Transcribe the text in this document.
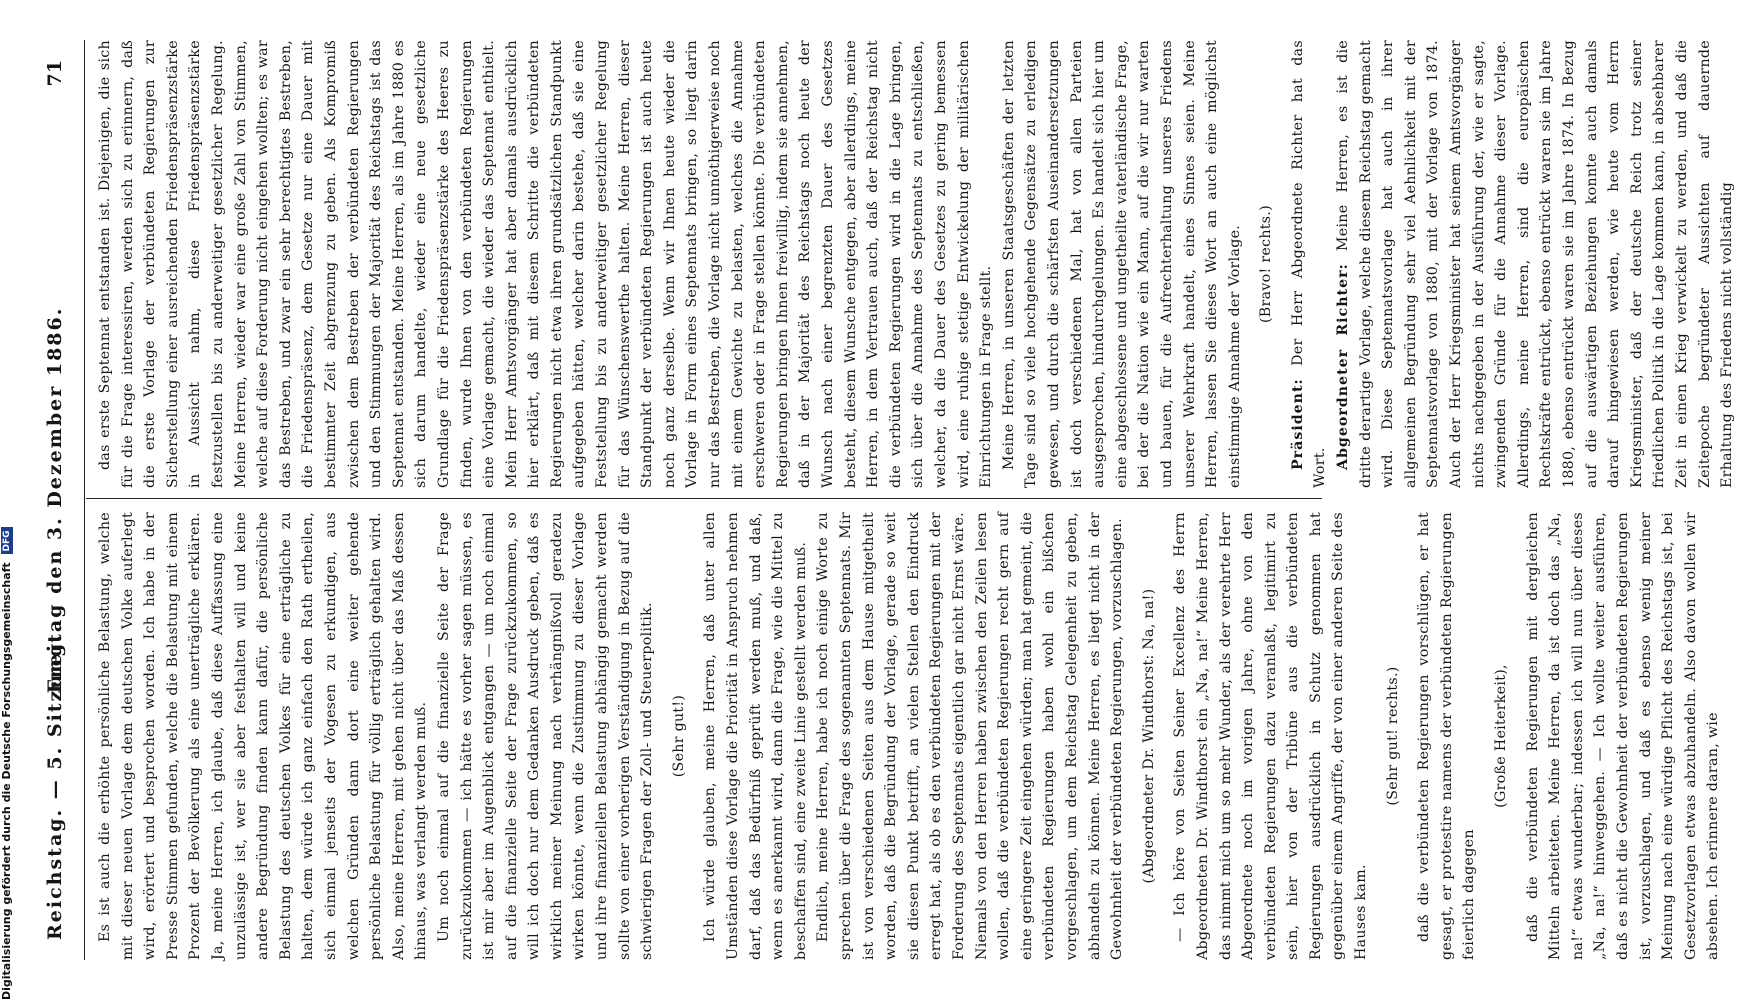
Reichstag. — 5. Sitzung.
Freitag den 3. Dezember 1886.
71

Es ist auch die erhöhte persönliche Belastung, welche mit dieser neuen Vorlage dem deutschen Volke auferlegt wird, erörtert und besprochen worden. Ich habe in der Presse Stimmen gefunden, welche die Belastung mit einem Prozent der Bevölkerung als eine unerträgliche erklären. Ja, meine Herren, ich glaube, daß diese Auffassung eine unzulässige ist, wer sie aber festhalten will und keine andere Begründung finden kann dafür, die persönliche Belastung des deutschen Volkes für eine erträgliche zu halten, dem würde ich ganz einfach den Rath ertheilen, sich einmal jenseits der Vogesen zu erkundigen, aus welchen Gründen dann dort eine weiter gehende persönliche Belastung für völlig erträglich gehalten wird. Also, meine Herren, mit gehen nicht über das Maß dessen hinaus, was verlangt werden muß. Um noch einmal auf die finanzielle Seite der Frage zurückzukommen — ich hätte es vorher sagen müssen, es ist mir aber im Augenblick entgangen — um noch einmal auf die finanzielle Seite der Frage zurückzukommen, so will ich doch nur dem Gedanken Ausdruck geben, daß es wirklich meiner Meinung nach verhängnißvoll geradezu wirken könnte, wenn die Zustimmung zu dieser Vorlage und ihre finanziellen Belastung abhängig gemacht werden sollte von einer vorherigen Verständigung in Bezug auf die schwierigen Fragen der Zoll- und Steuerpolitik. (Sehr gut!) Ich würde glauben, meine Herren, daß unter allen Umständen diese Vorlage die Priorität in Anspruch nehmen darf, daß das Bedürfniß geprüft werden muß, und daß, wenn es anerkannt wird, dann die Frage, wie die Mittel zu beschaffen sind, eine zweite Linie gestellt werden muß. Endlich, meine Herren, habe ich noch einige Worte zu sprechen über die Frage des sogenannten Septennats. Mir ist von verschiedenen Seiten aus dem Hause mitgetheilt worden, daß die Begründung der Vorlage, gerade so weit sie diesen Punkt betrifft, an vielen Stellen den Eindruck erregt hat, als ob es den verbündeten Regierungen mit der Forderung des Septennats eigentlich gar nicht Ernst wäre. Niemals von den Herren haben zwischen den Zeilen lesen wollen, daß die verbündeten Regierungen recht gern auf eine geringere Zeit eingehen würden; man hat gemeint, die verbündeten Regierungen haben wohl ein bißchen vorgeschlagen, um dem Reichstag Gelegenheit zu geben, abhandeln zu können. Meine Herren, es liegt nicht in der Gewohnheit der verbündeten Regierungen, vorzuschlagen. (Abgeordneter Dr. Windthorst: Na, na!) — Ich höre von Seiten Seiner Excellenz des Herrn Abgeordneten Dr. Windthorst ein „Na, na!“ Meine Herren, das nimmt mich um so mehr Wunder, als der verehrte Herr Abgeordnete noch im vorigen Jahre, ohne von den verbündeten Regierungen dazu veranlaßt, legitimirt zu sein, hier von der Tribüne aus die verbündeten Regierungen ausdrücklich in Schutz genommen hat gegenüber einem Angriffe, der von einer anderen Seite des Hauses kam.

(Sehr gut! rechts.) daß die verbündeten Regierungen vorschlügen, er hat gesagt, er protestire namens der verbündeten Regierungen feierlich dagegen

(Große Heiterkeit), daß die verbündeten Regierungen mit dergleichen Mitteln arbeiteten. Meine Herren, da ist doch das „Na, na!“ etwas wunderbar; indessen ich will nun über dieses „Na, na!“ hinweggehen. — Ich wollte weiter ausführen, daß es nicht die Gewohnheit der verbündeten Regierungen ist, vorzuschlagen, und daß es ebenso wenig meiner Meinung nach eine würdige Pflicht des Reichstags ist, bei Gesetzvorlagen etwas abzuhandeln. Also davon wollen wir absehen. Ich erinnere daran, wie

das erste Septennat entstanden ist. Diejenigen, die sich für die Frage interessiren, werden sich zu erinnern, daß die erste Vorlage der verbündeten Regierungen zur Sicherstellung einer ausreichenden Friedenspräsenzstärke in Aussicht nahm, diese Friedenspräsenzstärke festzustellen bis zu anderweitiger gesetzlicher Regelung. Meine Herren, wieder war eine große Zahl von Stimmen, welche auf diese Forderung nicht eingehen wollten; es war das Bestreben, und zwar ein sehr berechtigtes Bestreben, die Friedenspräsenz, dem Gesetze nur eine Dauer mit bestimmter Zeit abgrenzung zu geben. Als Kompromiß zwischen dem Bestreben der verbündeten Regierungen und den Stimmungen der Majorität des Reichstags ist das Septennat entstanden. Meine Herren, als im Jahre 1880 es sich darum handelte, wieder eine neue gesetzliche Grundlage für die Friedenspräsenzstärke des Heeres zu finden, wurde Ihnen von den verbündeten Regierungen eine Vorlage gemacht, die wieder das Septennat enthielt. Mein Herr Amtsvorgänger hat aber damals ausdrücklich hier erklärt, daß mit diesem Schritte die verbündeten Regierungen nicht etwa ihren grundsätzlichen Standpunkt aufgegeben hätten, welcher darin bestehe, daß sie eine Feststellung bis zu anderweitiger gesetzlicher Regelung für das Wünschenswerthe halten. Meine Herren, dieser Standpunkt der verbündeten Regierungen ist auch heute noch ganz derselbe. Wenn wir Ihnen heute wieder die Vorlage in Form eines Septennats bringen, so liegt darin nur das Bestreben, die Vorlage nicht unnöthigerweise noch mit einem Gewichte zu belasten, welches die Annahme erschweren oder in Frage stellen könnte. Die verbündeten Regierungen bringen Ihnen freiwillig, indem sie annehmen, daß in der Majorität des Reichstags noch heute der Wunsch nach einer begrenzten Dauer des Gesetzes besteht, diesem Wunsche entgegen, aber allerdings, meine Herren, in dem Vertrauen auch, daß der Reichstag nicht die verbündeten Regierungen wird in die Lage bringen, sich über die Annahme des Septennats zu entschließen, welcher, da die Dauer des Gesetzes zu gering bemessen wird, eine ruhige stetige Entwickelung der militärischen Einrichtungen in Frage stellt. Meine Herren, in unseren Staatsgeschäften der letzten Tage sind so viele hochgehende Gegensätze zu erledigen gewesen, und durch die schärfsten Auseinandersetzungen ist doch verschiedenen Mal, hat von allen Parteien ausgesprochen, hindurchgelungen. Es handelt sich hier um eine abgeschlossene und ungetheilte vaterländische Frage, bei der die Nation wie ein Mann, auf die wir nur warten und bauen, für die Aufrechterhaltung unseres Friedens unserer Wehrkraft handelt, eines Sinnes seien. Meine Herren, lassen Sie dieses Wort an auch eine möglichst einstimmige Annahme der Vorlage. (Bravo! rechts.)

Präsident: Der Herr Abgeordnete Richter hat das Wort. Abgeordneter Richter: Meine Herren, es ist die dritte derartige Vorlage, welche diesem Reichstag gemacht wird. Diese Septennatsvorlage hat auch in ihrer allgemeinen Begründung sehr viel Aehnlichkeit mit der Septennatsvorlage von 1880, mit der Vorlage von 1874. Auch der Herr Kriegsminister hat seinem Amtsvorgänger nichts nachgegeben in der Ausführung der, wie er sagte, zwingenden Gründe für die Annahme dieser Vorlage. Allerdings, meine Herren, sind die europäischen Rechtskräfte entrückt, ebenso entrückt waren sie im Jahre 1880, ebenso entrückt waren sie im Jahre 1874. In Bezug auf die auswärtigen Beziehungen konnte auch damals darauf hingewiesen werden, wie heute vom Herrn Kriegsminister, daß der deutsche Reich trotz seiner friedlichen Politik in die Lage kommen kann, in absehbarer Zeit in einen Krieg verwickelt zu werden, und daß die Zeitepoche begründeter Aussichten auf dauernde Erhaltung des Friedens nicht vollständig

Digitalisierung gefördert durch die Deutsche Forschungsgemeinschaft DFG
